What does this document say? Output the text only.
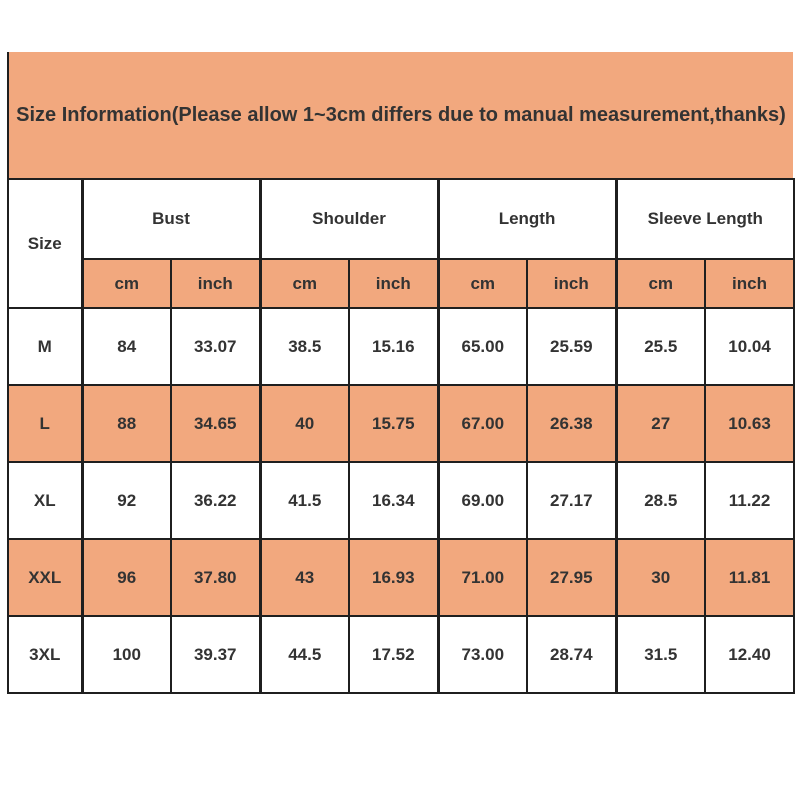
Size Information(Please allow 1~3cm differs due to manual measurement,thanks)
Size	Bust		Shoulder		Length		Sleeve Length	
	cm	inch	cm	inch	cm	inch	cm	inch
M	84	33.07	38.5	15.16	65.00	25.59	25.5	10.04
L	88	34.65	40	15.75	67.00	26.38	27	10.63
XL	92	36.22	41.5	16.34	69.00	27.17	28.5	11.22
XXL	96	37.80	43	16.93	71.00	27.95	30	11.81
3XL	100	39.37	44.5	17.52	73.00	28.74	31.5	12.40
